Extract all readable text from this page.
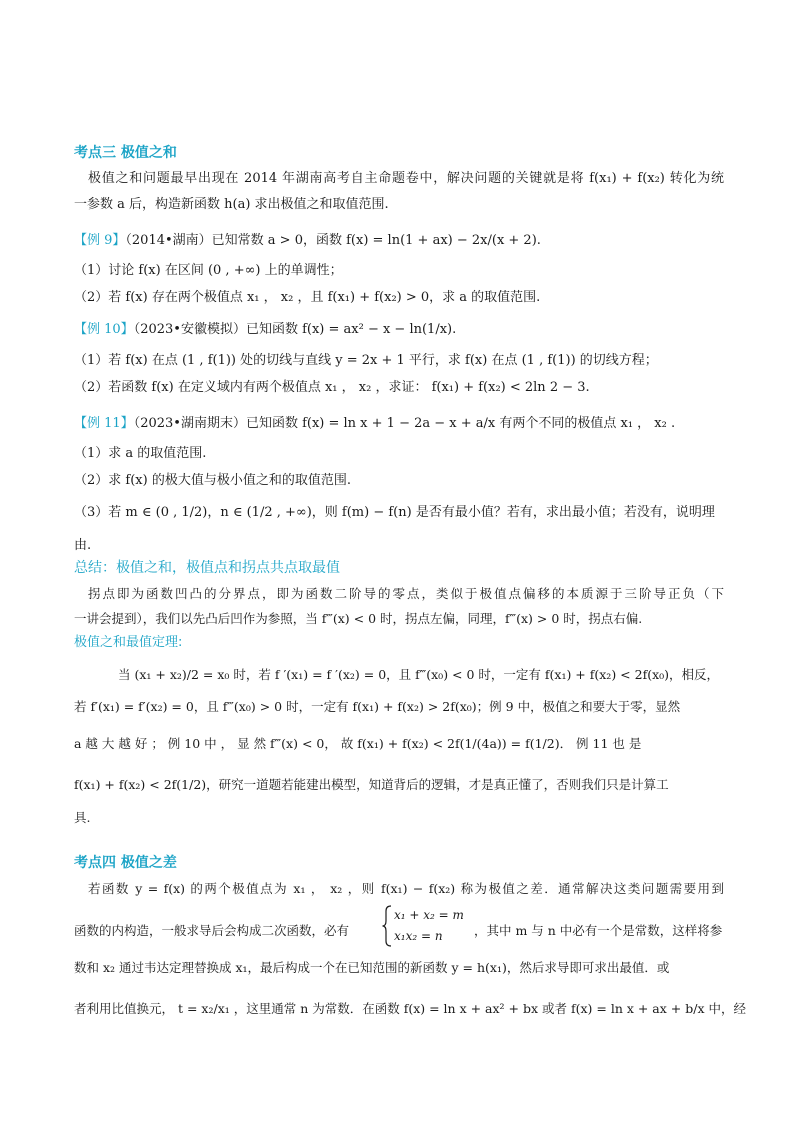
考点三 极值之和
极值之和问题最早出现在 2014 年湖南高考自主命题卷中，解决问题的关键就是将 f(x₁) + f(x₂) 转化为统
一参数 a 后，构造新函数 h(a) 求出极值之和取值范围.
【例 9】（2014•湖南）已知常数 a > 0，函数 f(x) = ln(1 + ax) − 2x/(x + 2).
（1）讨论 f(x) 在区间 (0 , +∞) 上的单调性；
（2）若 f(x) 存在两个极值点 x₁ ， x₂ ，且 f(x₁) + f(x₂) > 0，求 a 的取值范围.
【例 10】（2023•安徽模拟）已知函数 f(x) = ax² − x − ln(1/x).
（1）若 f(x) 在点 (1 , f(1)) 处的切线与直线 y = 2x + 1 平行，求 f(x) 在点 (1 , f(1)) 的切线方程；
（2）若函数 f(x) 在定义域内有两个极值点 x₁ ， x₂ ，求证： f(x₁) + f(x₂) < 2ln 2 − 3.
【例 11】（2023•湖南期末）已知函数 f(x) = ln x + 1 − 2a − x + a/x 有两个不同的极值点 x₁ ， x₂ .
（1）求 a 的取值范围.
（2）求 f(x) 的极大值与极小值之和的取值范围.
（3）若 m ∈ (0 , 1/2)，n ∈ (1/2 , +∞)，则 f(m) − f(n) 是否有最小值？若有，求出最小值；若没有，说明理
由.
总结：极值之和，极值点和拐点共点取最值
拐点即为函数凹凸的分界点，即为函数二阶导的零点，类似于极值点偏移的本质源于三阶导正负（下
一讲会提到），我们以先凸后凹作为参照，当 f‴(x) < 0 时，拐点左偏，同理，f‴(x) > 0 时，拐点右偏.
极值之和最值定理:
当 (x₁ + x₂)/2 = x₀ 时，若 f ′(x₁) = f ′(x₂) = 0，且 f‴(x₀) < 0 时，一定有 f(x₁) + f(x₂) < 2f(x₀)，相反，
若 f′(x₁) = f′(x₂) = 0，且 f‴(x₀) > 0 时，一定有 f(x₁) + f(x₂) > 2f(x₀)；例 9 中，极值之和要大于零，显然
a 越 大 越 好 ； 例 10 中 ， 显 然 f‴(x) < 0， 故 f(x₁) + f(x₂) < 2f(1/(4a)) = f(1/2)． 例 11 也 是
f(x₁) + f(x₂) < 2f(1/2)，研究一道题若能建出模型，知道背后的逻辑，才是真正懂了，否则我们只是计算工
具.
考点四 极值之差
若函数 y = f(x) 的两个极值点为 x₁ ， x₂ ，则 f(x₁) − f(x₂) 称为极值之差．通常解决这类问题需要用到
函数的内构造，一般求导后会构成二次函数，必有
x₁ + x₂ = m
x₁x₂ = n	，其中 m 与 n 中必有一个是常数，这样将参
数和 x₂ 通过韦达定理替换成 x₁，最后构成一个在已知范围的新函数 y = h(x₁)，然后求导即可求出最值．或
者利用比值换元， t = x₂/x₁ ，这里通常 n 为常数．在函数 f(x) = ln x + ax² + bx 或者 f(x) = ln x + ax + b/x 中，经
